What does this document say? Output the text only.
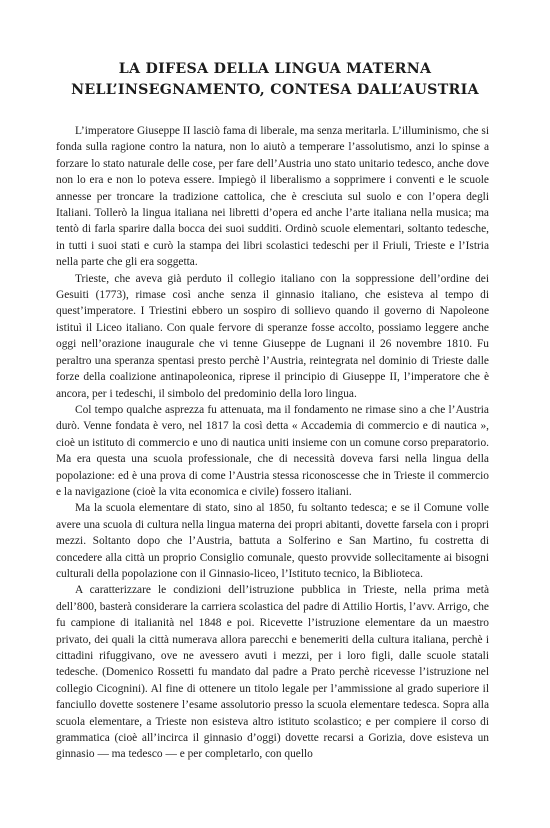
LA DIFESA DELLA LINGUA MATERNA
NELL’INSEGNAMENTO, CONTESA DALL’AUSTRIA

L’imperatore Giuseppe II lasciò fama di liberale, ma senza meritarla. L’illuminismo, che si fonda sulla ragione contro la natura, non lo aiutò a temperare l’assolutismo, anzi lo spinse a forzare lo stato naturale delle cose, per fare dell’Austria uno stato unitario tedesco, anche dove non lo era e non lo poteva essere. Impiegò il liberalismo a sopprimere i conventi e le scuole annesse per troncare la tradizione cattolica, che è cresciuta sul suolo e con l’opera degli Italiani. Tollerò la lingua italiana nei libretti d’opera ed anche l’arte italiana nella musica; ma tentò di farla sparire dalla bocca dei suoi sudditi. Ordinò scuole elementari, soltanto tedesche, in tutti i suoi stati e curò la stampa dei libri scolastici tedeschi per il Friuli, Trieste e l’Istria nella parte che gli era soggetta.

Trieste, che aveva già perduto il collegio italiano con la soppressione dell’ordine dei Gesuiti (1773), rimase così anche senza il ginnasio italiano, che esisteva al tempo di quest’imperatore. I Triestini ebbero un sospiro di sollievo quando il governo di Napoleone istituì il Liceo italiano. Con quale fervore di speranze fosse accolto, possiamo leggere anche oggi nell’orazione inaugurale che vi tenne Giuseppe de Lugnani il 26 novembre 1810. Fu peraltro una speranza spentasi presto perchè l’Austria, reintegrata nel dominio di Trieste dalle forze della coalizione antinapoleonica, riprese il principio di Giuseppe II, l’imperatore che è ancora, per i tedeschi, il simbolo del predominio della loro lingua.

Col tempo qualche asprezza fu attenuata, ma il fondamento ne rimase sino a che l’Austria durò. Venne fondata è vero, nel 1817 la così detta « Accademia di commercio e di nautica », cioè un istituto di commercio e uno di nautica uniti insieme con un comune corso preparatorio. Ma era questa una scuola professionale, che di necessità doveva farsi nella lingua della popolazione: ed è una prova di come l’Austria stessa riconoscesse che in Trieste il commercio e la navigazione (cioè la vita economica e civile) fossero italiani.

Ma la scuola elementare di stato, sino al 1850, fu soltanto tedesca; e se il Comune volle avere una scuola di cultura nella lingua materna dei propri abitanti, dovette farsela con i propri mezzi. Soltanto dopo che l’Austria, battuta a Solferino e San Martino, fu costretta di concedere alla città un proprio Consiglio comunale, questo provvide sollecitamente ai bisogni culturali della popolazione con il Ginnasio-liceo, l’Istituto tecnico, la Biblioteca.

A caratterizzare le condizioni dell’istruzione pubblica in Trieste, nella prima metà dell’800, basterà considerare la carriera scolastica del padre di Attilio Hortis, l’avv. Arrigo, che fu campione di italianità nel 1848 e poi. Ricevette l’istruzione elementare da un maestro privato, dei quali la città numerava allora parecchi e benemeriti della cultura italiana, perchè i cittadini rifuggivano, ove ne avessero avuti i mezzi, per i loro figli, dalle scuole statali tedesche. (Domenico Rossetti fu mandato dal padre a Prato perchè ricevesse l’istruzione nel collegio Cicognini). Al fine di ottenere un titolo legale per l’ammissione al grado superiore il fanciullo dovette sostenere l’esame assolutorio presso la scuola elementare tedesca. Sopra alla scuola elementare, a Trieste non esisteva altro istituto scolastico; e per compiere il corso di grammatica (cioè all’incirca il ginnasio d’oggi) dovette recarsi a Gorizia, dove esisteva un ginnasio — ma tedesco — e per completarlo, con quello
